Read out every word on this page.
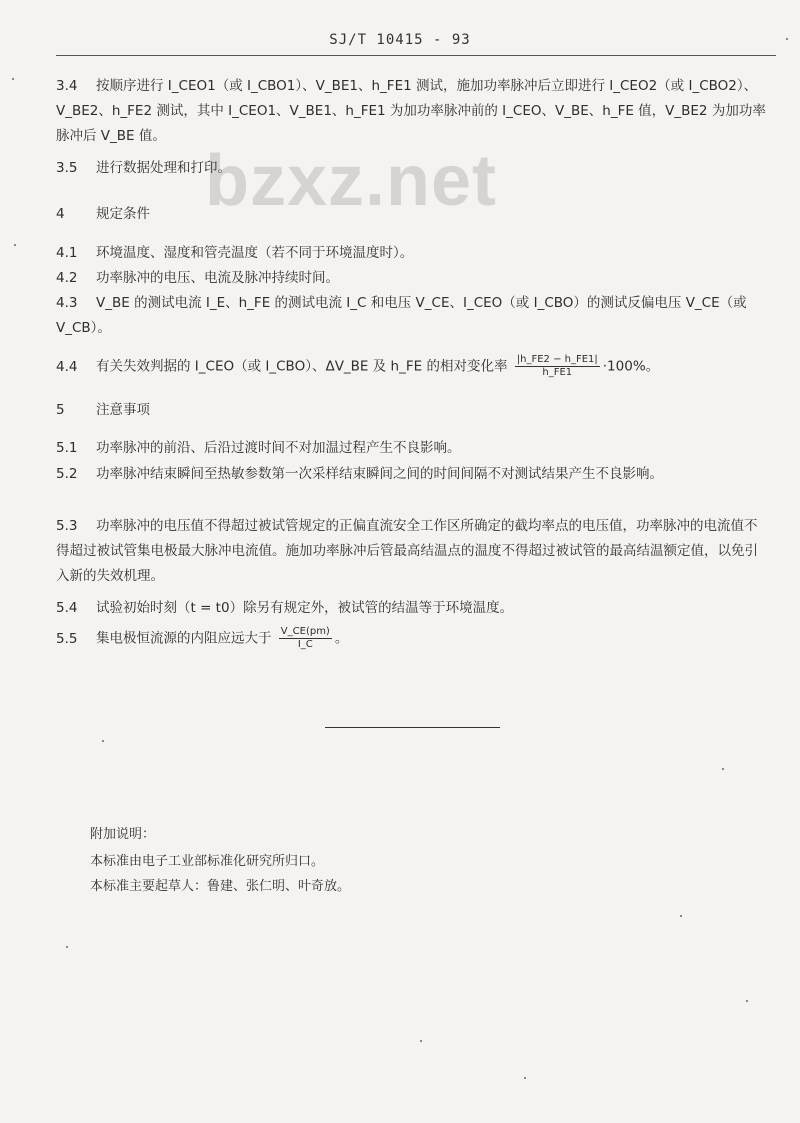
SJ/T 10415 - 93
bzxz.net
3.4 按顺序进行 I_CEO1（或 I_CBO1）、V_BE1、h_FE1 测试，施加功率脉冲后立即进行 I_CEO2（或 I_CBO2）、V_BE2、h_FE2 测试，其中 I_CEO1、V_BE1、h_FE1 为加功率脉冲前的 I_CEO、V_BE、h_FE 值，V_BE2 为加功率脉冲后 V_BE 值。
3.5 进行数据处理和打印。
4 规定条件
4.1 环境温度、湿度和管壳温度（若不同于环境温度时）。
4.2 功率脉冲的电压、电流及脉冲持续时间。
4.3 V_BE 的测试电流 I_E、h_FE 的测试电流 I_C 和电压 V_CE、I_CEO（或 I_CBO）的测试反偏电压 V_CE（或 V_CB）。
4.4 有关失效判据的 I_CEO（或 I_CBO）、ΔV_BE 及 h_FE 的相对变化率 $\frac{|h\_FE2 - h\_FE1|}{h\_FE1} \cdot 100\%$。
5 注意事项
5.1 功率脉冲的前沿、后沿过渡时间不对加温过程产生不良影响。
5.2 功率脉冲结束瞬间至热敏参数第一次采样结束瞬间之间的时间间隔不对测试结果产生不良影响。
5.3 功率脉冲的电压值不得超过被试管规定的正偏直流安全工作区所确定的截均率点的电压值，功率脉冲的电流值不得超过被试管集电极最大脉冲电流值。施加功率脉冲后管最高结温点的温度不得超过被试管的最高结温额定值，以免引入新的失效机理。
5.4 试验初始时刻（t = t0）除另有规定外，被试管的结温等于环境温度。
5.5 集电极恒流源的内阻应远大于 $\frac{V\_CE(pm)}{I\_C}$ 。
附加说明：
本标准由电子工业部标准化研究所归口。
本标准主要起草人：鲁建、张仁明、叶奇放。
